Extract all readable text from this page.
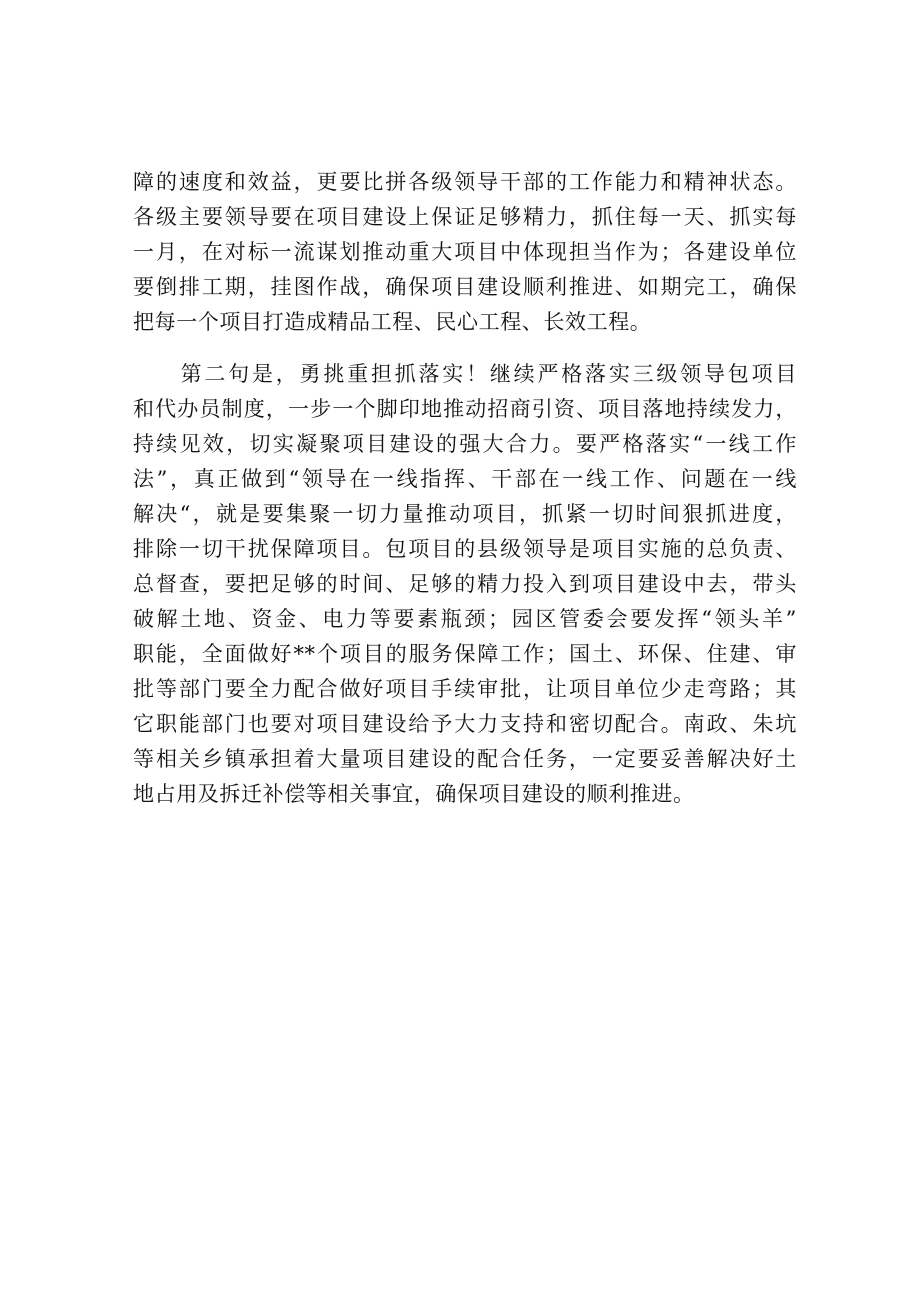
障的速度和效益，更要比拼各级领导干部的工作能力和精神状态。
各级主要领导要在项目建设上保证足够精力，抓住每一天、抓实每
一月，在对标一流谋划推动重大项目中体现担当作为；各建设单位
要倒排工期，挂图作战，确保项目建设顺利推进、如期完工，确保
把每一个项目打造成精品工程、民心工程、长效工程。
　　第二句是，勇挑重担抓落实！继续严格落实三级领导包项目
和代办员制度，一步一个脚印地推动招商引资、项目落地持续发力，
持续见效，切实凝聚项目建设的强大合力。要严格落实“一线工作
法”，真正做到“领导在一线指挥、干部在一线工作、问题在一线
解决“，就是要集聚一切力量推动项目，抓紧一切时间狠抓进度，
排除一切干扰保障项目。包项目的县级领导是项目实施的总负责、
总督查，要把足够的时间、足够的精力投入到项目建设中去，带头
破解土地、资金、电力等要素瓶颈；园区管委会要发挥“领头羊”
职能，全面做好**个项目的服务保障工作；国土、环保、住建、审
批等部门要全力配合做好项目手续审批，让项目单位少走弯路；其
它职能部门也要对项目建设给予大力支持和密切配合。南政、朱坑
等相关乡镇承担着大量项目建设的配合任务，一定要妥善解决好土
地占用及拆迁补偿等相关事宜，确保项目建设的顺利推进。
